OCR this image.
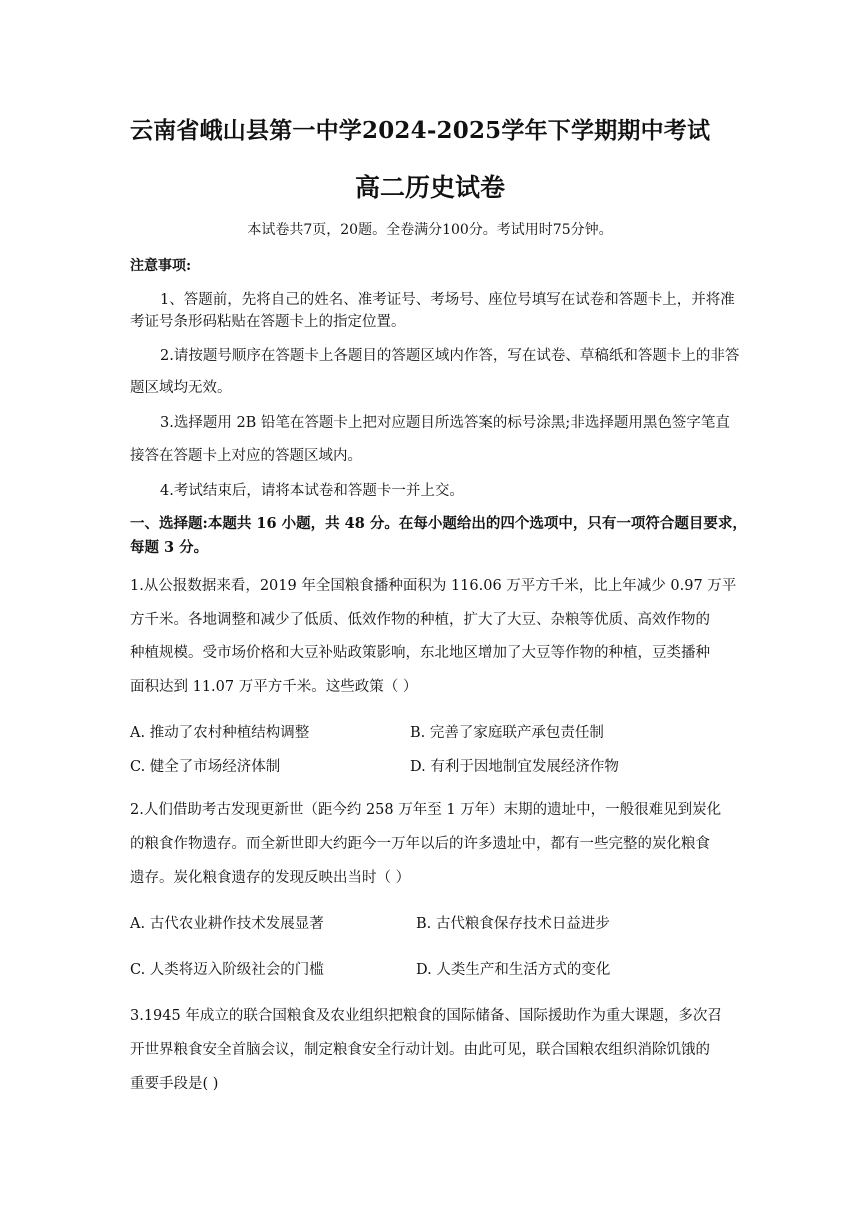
云南省峨山县第一中学2024-2025学年下学期期中考试
高二历史试卷
本试卷共7页，20题。全卷满分100分。考试用时75分钟。
注意事项:
1、答题前，先将自己的姓名、准考证号、考场号、座位号填写在试卷和答题卡上，并将准
考证号条形码粘贴在答题卡上的指定位置。
2.请按题号顺序在答题卡上各题目的答题区域内作答，写在试卷、草稿纸和答题卡上的非答
题区域均无效。
3.选择题用 2B 铅笔在答题卡上把对应题目所选答案的标号涂黑;非选择题用黑色签字笔直
接答在答题卡上对应的答题区域内。
4.考试结束后，请将本试卷和答题卡一并上交。
一、选择题:本题共 16 小题，共 48 分。在每小题给出的四个选项中，只有一项符合题目要求，
每题 3 分。
1.从公报数据来看，2019 年全国粮食播种面积为 116.06 万平方千米，比上年减少 0.97 万平
方千米。各地调整和减少了低质、低效作物的种植，扩大了大豆、杂粮等优质、高效作物的
种植规模。受市场价格和大豆补贴政策影响，东北地区增加了大豆等作物的种植，豆类播种
面积达到 11.07 万平方千米。这些政策（ ）
A. 推动了农村种植结构调整	B. 完善了家庭联产承包责任制
C. 健全了市场经济体制	D. 有利于因地制宜发展经济作物
2.人们借助考古发现更新世（距今约 258 万年至 1 万年）末期的遗址中，一般很难见到炭化
的粮食作物遗存。而全新世即大约距今一万年以后的许多遗址中，都有一些完整的炭化粮食
遗存。炭化粮食遗存的发现反映出当时（ ）
A. 古代农业耕作技术发展显著	B. 古代粮食保存技术日益进步
C. 人类将迈入阶级社会的门槛	D. 人类生产和生活方式的变化
3.1945 年成立的联合国粮食及农业组织把粮食的国际储备、国际援助作为重大课题，多次召
开世界粮食安全首脑会议，制定粮食安全行动计划。由此可见，联合国粮农组织消除饥饿的
重要手段是( )
